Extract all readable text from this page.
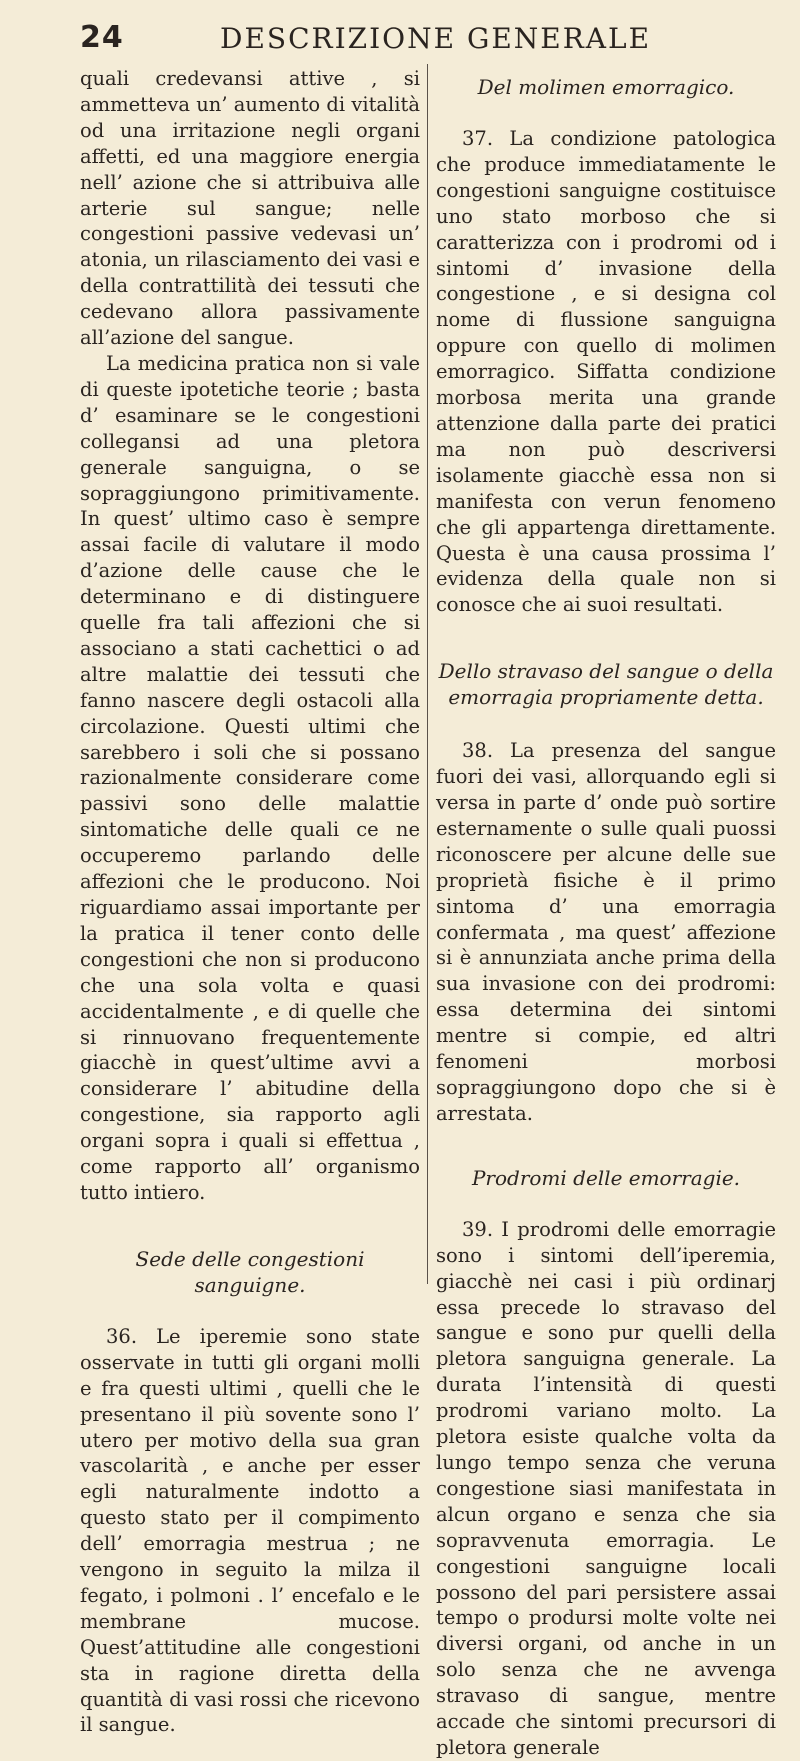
24	DESCRIZIONE GENERALE

quali credevansi attive , si ammetteva un’ aumento di vitalità od una irritazione negli organi affetti, ed una maggiore energia nell’ azione che si attribuiva alle arterie sul sangue; nelle congestioni passive vedevasi un’ atonia, un rilasciamento dei vasi e della contrattilità dei tessuti che cedevano allora passivamente all’azione del sangue.

La medicina pratica non si vale di queste ipotetiche teorie ; basta d’ esaminare se le congestioni collegansi ad una pletora generale sanguigna, o se sopraggiungono primitivamente. In quest’ ultimo caso è sempre assai facile di valutare il modo d’azione delle cause che le determinano e di distinguere quelle fra tali affezioni che si associano a stati cachettici o ad altre malattie dei tessuti che fanno nascere degli ostacoli alla circolazione. Questi ultimi che sarebbero i soli che si possano razionalmente considerare come passivi sono delle malattie sintomatiche delle quali ce ne occuperemo parlando delle affezioni che le producono. Noi riguardiamo assai importante per la pratica il tener conto delle congestioni che non si producono che una sola volta e quasi accidentalmente , e di quelle che si rinnuovano frequentemente giacchè in quest’ultime avvi a considerare l’ abitudine della congestione, sia rapporto agli organi sopra i quali si effettua , come rapporto all’ organismo tutto intiero.

Sede delle congestioni sanguigne.

36. Le iperemie sono state osservate in tutti gli organi molli e fra questi ultimi , quelli che le presentano il più sovente sono l’ utero per motivo della sua gran vascolarità , e anche per esser egli naturalmente indotto a questo stato per il compimento dell’ emorragia mestrua ; ne vengono in seguito la milza il fegato, i polmoni . l’ encefalo e le membrane mucose. Quest’attitudine alle congestioni sta in ragione diretta della quantità di vasi rossi che ricevono il sangue.

Del molimen emorragico.

37. La condizione patologica che produce immediatamente le congestioni sanguigne costituisce uno stato morboso che si caratterizza con i prodromi od i sintomi d’ invasione della congestione , e si designa col nome di flussione sanguigna oppure con quello di molimen emorragico. Siffatta condizione morbosa merita una grande attenzione dalla parte dei pratici ma non può descriversi isolamente giacchè essa non si manifesta con verun fenomeno che gli appartenga direttamente. Questa è una causa prossima l’ evidenza della quale non si conosce che ai suoi resultati.

Dello stravaso del sangue o della

emorragia propriamente detta.

38. La presenza del sangue fuori dei vasi, allorquando egli si versa in parte d’ onde può sortire esternamente o sulle quali puossi riconoscere per alcune delle sue proprietà fisiche è il primo sintoma d’ una emorragia confermata , ma quest’ affezione si è annunziata anche prima della sua invasione con dei prodromi: essa determina dei sintomi mentre si compie, ed altri fenomeni morbosi sopraggiungono dopo che si è arrestata.

Prodromi delle emorragie.

39. I prodromi delle emorragie sono i sintomi dell’iperemia, giacchè nei casi i più ordinarj essa precede lo stravaso del sangue e sono pur quelli della pletora sanguigna generale. La durata l’intensità di questi prodromi variano molto. La pletora esiste qualche volta da lungo tempo senza che veruna congestione siasi manifestata in alcun organo e senza che sia sopravvenuta emorragia. Le congestioni sanguigne locali possono del pari persistere assai tempo o prodursi molte volte nei diversi organi, od anche in un solo senza che ne avvenga stravaso di sangue, mentre accade che sintomi precursori di pletora generale
